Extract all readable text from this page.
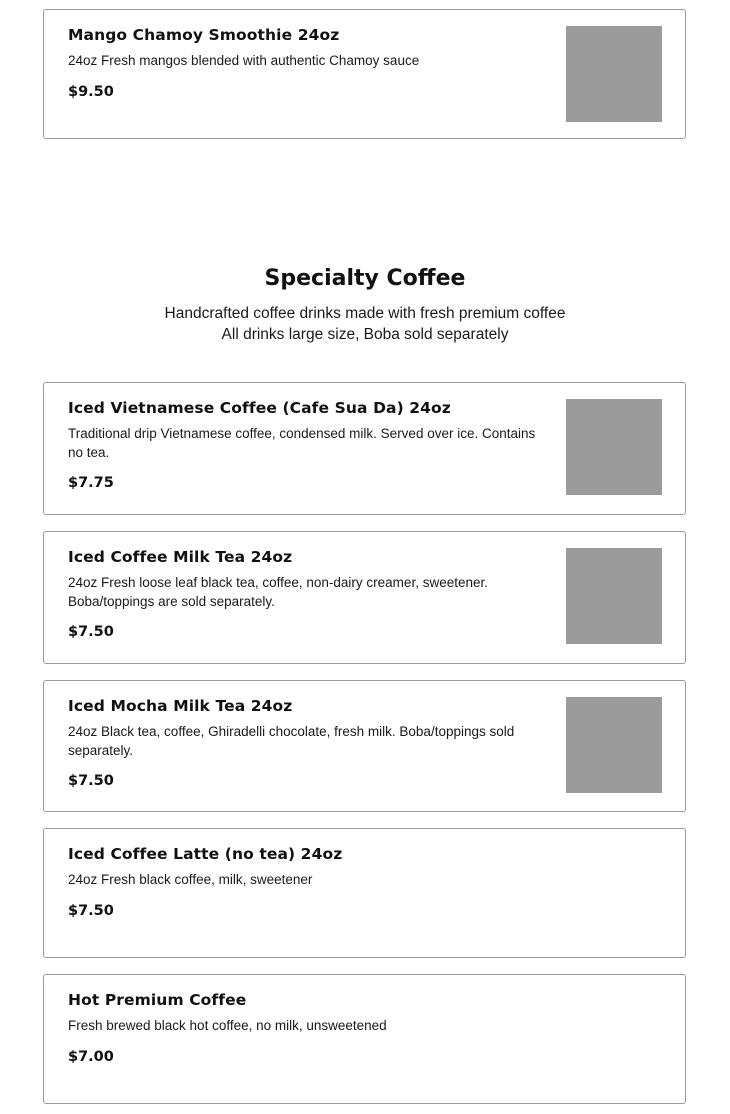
Mango Chamoy Smoothie 24oz

24oz Fresh mangos blended with authentic Chamoy sauce

$9.50

Specialty Coffee

Handcrafted coffee drinks made with fresh premium coffee

All drinks large size, Boba sold separately

Iced Vietnamese Coffee (Cafe Sua Da) 24oz

Traditional drip Vietnamese coffee, condensed milk. Served over ice. Contains no tea.

$7.75

Iced Coffee Milk Tea 24oz

24oz Fresh loose leaf black tea, coffee, non-dairy creamer, sweetener. Boba/toppings are sold separately.

$7.50

Iced Mocha Milk Tea 24oz

24oz Black tea, coffee, Ghiradelli chocolate, fresh milk. Boba/toppings sold separately.

$7.50

Iced Coffee Latte (no tea) 24oz

24oz Fresh black coffee, milk, sweetener

$7.50

Hot Premium Coffee

Fresh brewed black hot coffee, no milk, unsweetened

$7.00
